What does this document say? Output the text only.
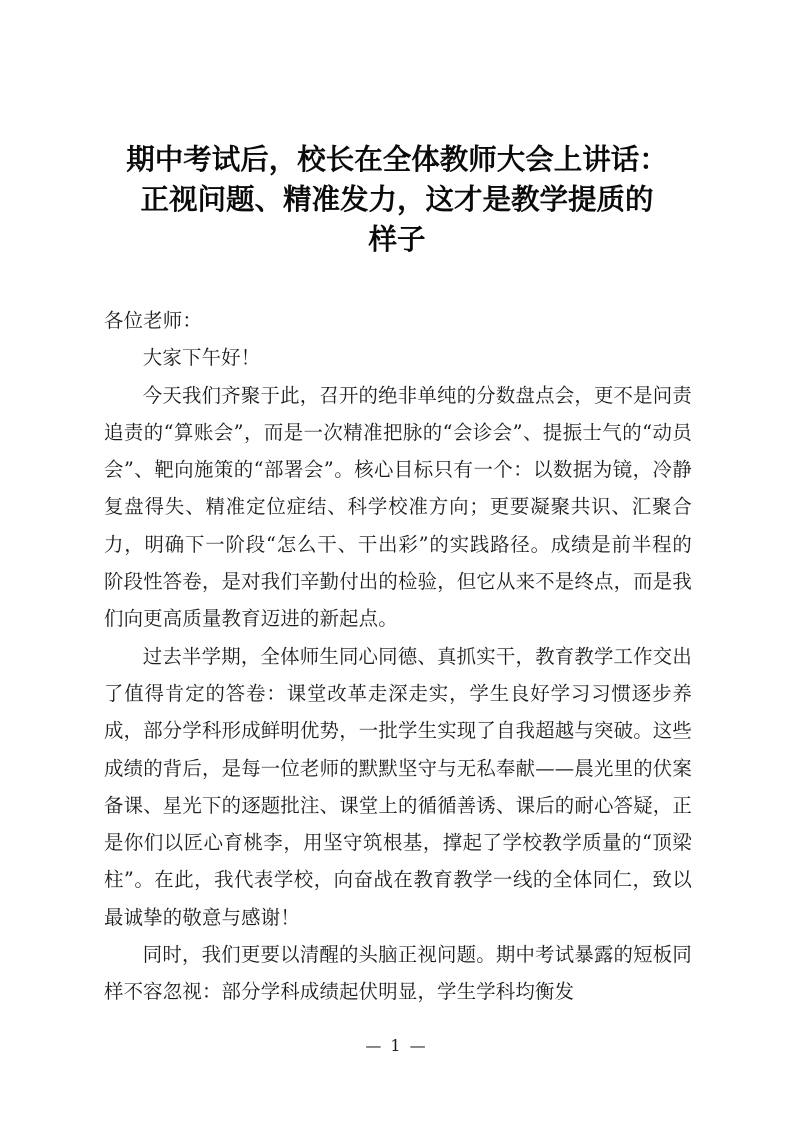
期中考试后，校长在全体教师大会上讲话：
正视问题、精准发力，这才是教学提质的
样子

各位老师：

大家下午好！

今天我们齐聚于此，召开的绝非单纯的分数盘点会，更不是问责追责的“算账会”，而是一次精准把脉的“会诊会”、提振士气的“动员会”、靶向施策的“部署会”。核心目标只有一个：以数据为镜，冷静复盘得失、精准定位症结、科学校准方向；更要凝聚共识、汇聚合力，明确下一阶段“怎么干、干出彩”的实践路径。成绩是前半程的阶段性答卷，是对我们辛勤付出的检验，但它从来不是终点，而是我们向更高质量教育迈进的新起点。

过去半学期，全体师生同心同德、真抓实干，教育教学工作交出了值得肯定的答卷：课堂改革走深走实，学生良好学习习惯逐步养成，部分学科形成鲜明优势，一批学生实现了自我超越与突破。这些成绩的背后，是每一位老师的默默坚守与无私奉献——晨光里的伏案备课、星光下的逐题批注、课堂上的循循善诱、课后的耐心答疑，正是你们以匠心育桃李，用坚守筑根基，撑起了学校教学质量的“顶梁柱”。在此，我代表学校，向奋战在教育教学一线的全体同仁，致以最诚挚的敬意与感谢！

同时，我们更要以清醒的头脑正视问题。期中考试暴露的短板同样不容忽视：部分学科成绩起伏明显，学生学科均衡发

— 1 —
